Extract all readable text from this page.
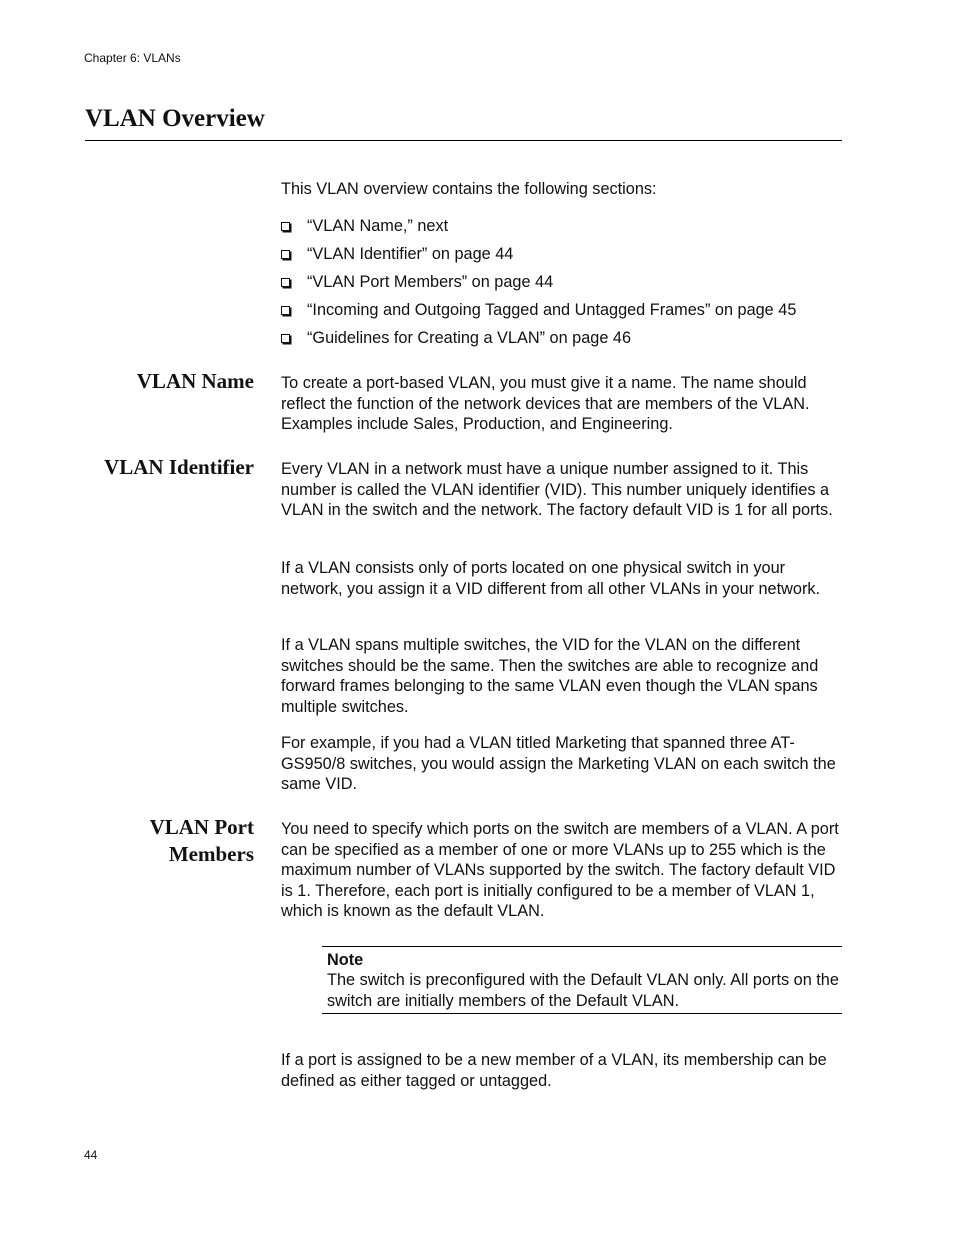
Chapter 6: VLANs
VLAN Overview

This VLAN overview contains the following sections:

“VLAN Name,” next
“VLAN Identifier” on page 44
“VLAN Port Members” on page 44
“Incoming and Outgoing Tagged and Untagged Frames” on page 45
“Guidelines for Creating a VLAN” on page 46
VLAN Name To create a port-based VLAN, you must give it a name. The name should reflect the function of the network devices that are members of the VLAN. Examples include Sales, Production, and Engineering.

VLAN Identifier Every VLAN in a network must have a unique number assigned to it. This number is called the VLAN identifier (VID). This number uniquely identifies a VLAN in the switch and the network. The factory default VID is 1 for all ports.

If a VLAN consists only of ports located on one physical switch in your network, you assign it a VID different from all other VLANs in your network.

If a VLAN spans multiple switches, the VID for the VLAN on the different switches should be the same. Then the switches are able to recognize and forward frames belonging to the same VLAN even though the VLAN spans multiple switches.

For example, if you had a VLAN titled Marketing that spanned three AT-GS950/8 switches, you would assign the Marketing VLAN on each switch the same VID.

VLAN Port
Members

You need to specify which ports on the switch are members of a VLAN. A port can be specified as a member of one or more VLANs up to 255 which is the maximum number of VLANs supported by the switch. The factory default VID is 1. Therefore, each port is initially configured to be a member of VLAN 1, which is known as the default VLAN.

Note
The switch is preconfigured with the Default VLAN only. All ports on the switch are initially members of the Default VLAN.

If a port is assigned to be a new member of a VLAN, its membership can be defined as either tagged or untagged.

44
